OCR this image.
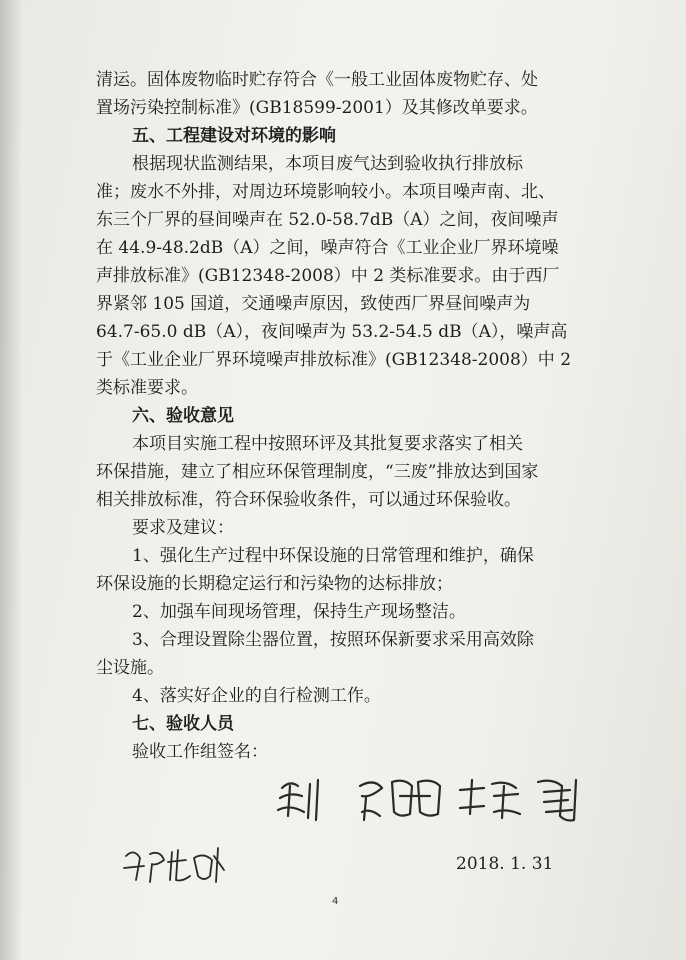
清运。固体废物临时贮存符合《一般工业固体废物贮存、处

置场污染控制标准》(GB18599-2001）及其修改单要求。

五、工程建设对环境的影响

根据现状监测结果，本项目废气达到验收执行排放标

准；废水不外排，对周边环境影响较小。本项目噪声南、北、

东三个厂界的昼间噪声在 52.0-58.7dB（A）之间，夜间噪声

在 44.9-48.2dB（A）之间，噪声符合《工业企业厂界环境噪

声排放标准》(GB12348-2008）中 2 类标准要求。由于西厂

界紧邻 105 国道，交通噪声原因，致使西厂界昼间噪声为

64.7-65.0 dB（A），夜间噪声为 53.2-54.5 dB（A），噪声高

于《工业企业厂界环境噪声排放标准》(GB12348-2008）中 2

类标准要求。

六、验收意见

本项目实施工程中按照环评及其批复要求落实了相关

环保措施，建立了相应环保管理制度，“三废”排放达到国家

相关排放标准，符合环保验收条件，可以通过环保验收。

要求及建议：

1、强化生产过程中环保设施的日常管理和维护，确保

环保设施的长期稳定运行和污染物的达标排放；

2、加强车间现场管理，保持生产现场整洁。

3、合理设置除尘器位置，按照环保新要求采用高效除

尘设施。

4、落实好企业的自行检测工作。

七、验收人员

验收工作组签名：

2018. 1. 31
4
